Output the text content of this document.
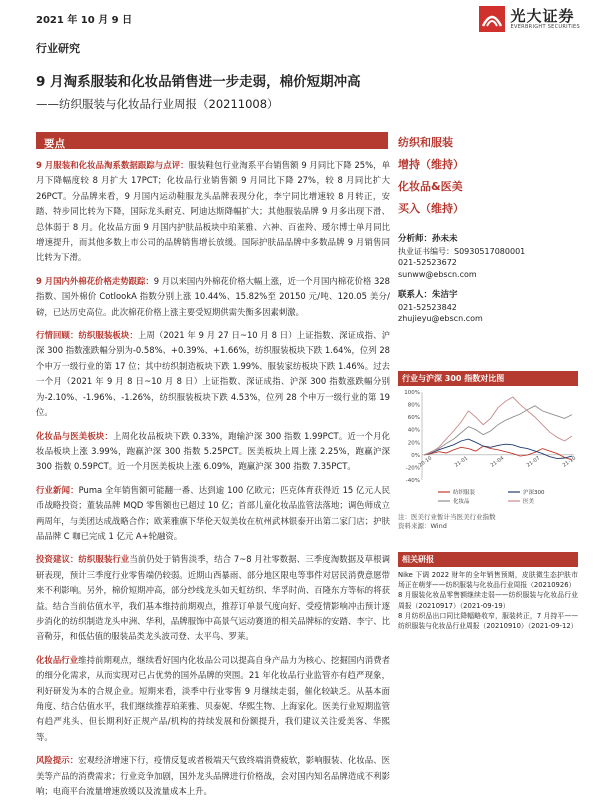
2021 年 10 月 9 日	光大证券
EVERBRIGHT SECURITIES
行业研究
9 月淘系服装和化妆品销售进一步走弱，棉价短期冲高
——纺织服装与化妆品行业周报（20211008）
要点

9 月服装和化妆品淘系数据跟踪与点评：服装鞋包行业淘系平台销售额 9 月同比下降 25%，单月下降幅度较 8 月扩大 17PCT；化妆品行业销售额 9 月同比下降 27%，较 8 月同比扩大 26PCT。分品牌来看，9 月国内运动鞋服龙头品牌表现分化，李宁同比增速较 8 月转正，安踏、特步同比转为下降，国际龙头耐克、阿迪达斯降幅扩大；其他服装品牌 9 月多出现下滑、总体弱于 8 月。化妆品方面 9 月国内护肤品板块中珀莱雅、六神、百雀羚、瑷尔博士单月同比增速提升，而其他多数上市公司的品牌销售增长放缓。国际护肤品品牌中多数品牌 9 月销售同比转为下滑。

9 月国内外棉花价格走势跟踪：9 月以来国内外棉花价格大幅上涨，近一个月国内棉花价格 328 指数、国外棉价 CotlookA 指数分别上涨 10.44%、15.82%至 20150 元/吨、120.05 美分/磅，已达历史高位。此次棉花价格上涨主要受短期供需失衡多因素刺激。

行情回顾：纺织服装板块：上周（2021 年 9 月 27 日~10 月 8 日）上证指数、深证成指、沪深 300 指数涨跌幅分别为-0.58%、+0.39%、+1.66%，纺织服装板块下跌 1.64%，位列 28 个申万一级行业的第 17 位；其中纺织制造板块下跌 1.99%、服装家纺板块下跌 1.46%。过去一个月（2021 年 9 月 8 日~10 月 8 日）上证指数、深证成指、沪深 300 指数涨跌幅分别为-2.10%、-1.96%、-1.26%，纺织服装板块下跌 4.53%，位列 28 个申万一级行业的第 19 位。

化妆品与医美板块：上周化妆品板块下跌 0.33%，跑输沪深 300 指数 1.99PCT。近一个月化妆品板块上涨 3.99%，跑赢沪深 300 指数 5.25PCT。医美板块上周上涨 2.25%，跑赢沪深 300 指数 0.59PCT。近一个月医美板块上涨 6.09%，跑赢沪深 300 指数 7.35PCT。

行业新闻：Puma 全年销售额可能翻一番、达到逾 100 亿欧元；匹克体育获得近 15 亿元人民币战略投资；董装品牌 MQD 零售额也已超过 10 亿；首部儿童化妆品监管法落地；调色师成立两周年，与美团达成战略合作；欧莱雅旗下华伦天奴美妆在杭州武林银泰开出第二家门店；护肤品品牌 C 咖已完成 1 亿元 A+轮融资。

投资建议：纺织服装行业当前仍处于销售淡季，结合 7~8 月社零数据、三季度淘数据及草根调研表现，预计三季度行业零售端仍较弱。近期山西暴雨、部分地区限电等事件对居民消费意愿带来不利影响。另外，棉价短期冲高，部分纱线龙头如天虹纺织、华孚时尚、百隆东方等标的将获益。结合当前估值水平，我们基本维持前期观点，推荐订单景气度向好、受疫情影响冲击预计逐步消化的纺织制造龙头申洲、华利，品牌服饰中高景气运动赛道的相关品牌标的安踏、李宁、比音勒芬，和低估值的服装品类龙头波司登、太平鸟、罗莱。

化妆品行业维持前期观点，继续看好国内化妆品公司以提高自身产品力为核心、挖掘国内消费者的细分化需求，从而实现对已占优势的国外品牌的突围。21 年化妆品行业监管亦有趋严现象，利好研发为本的合规企业。短期来看，淡季中行业零售 9 月继续走弱，催化较缺乏。从基本面角度、结合估值水平，我们继续推荐珀莱雅、贝泰妮、华熙生物、上海家化。医美行业短期监管有趋严兆头、但长期利好正规产品/机构的持续发展和份额提升，我们建议关注爱美客、华熙等。

风险提示：宏观经济增速下行，疫情反复或者极端天气致终端消费疲软，影响服装、化妆品、医美等产品的消费需求；行业竞争加剧，国外龙头品牌进行价格战，会对国内知名品牌造成不利影响；电商平台流量增速放缓以及流量成本上升。

纺织和服装
增持（维持）
化妆品&医美
买入（维持）
分析师：孙未未
执业证书编号：S0930517080001
021-52523672
sunww@ebscn.com
联系人：朱洁宇
021-52523842
zhujieyu@ebscn.com
行业与沪深 300 指数对比图
100%
80%
60%
40%
20%
0%
-20%
-40%
20-10	21-01	21-04	21-07	21-10
纺织服装	沪深300
化妆品	医美
注：医美行业暂计当医美行业指数
资料来源：Wind
相关研报

Nike 下调 2022 财年的全年销售预期，皮肤微生态护肤市场正在萌芽——纺织服装与化妆品行业周报（20210926）

8 月服装化妆品零售额继续走弱——纺织服装与化妆品行业周报（20210917）（2021-09-19）

8 月纺织品出口同比降幅略收窄，服装转正，7 月持平——纺织服装与化妆品行业周报（20210910）（2021-09-12）
